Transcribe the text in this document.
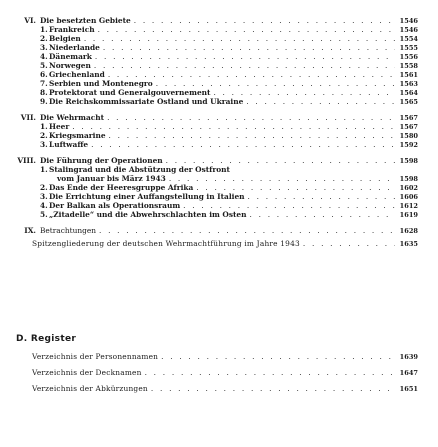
VI. Die besetzten Gebiete . . .	1546
1. Frankreich . . .	1546
2. Belgien . . .	1554
3. Niederlande . . .	1555
4. Dänemark . . .	1556
5. Norwegen . . .	1558
6. Griechenland . . .	1561
7. Serbien und Montenegro . . .	1563
8. Protektorat und Generalgouvernement . . .	1564
9. Die Reichskommissariate Ostland und Ukraine . . .	1565
VII. Die Wehrmacht . . .	1567
1. Heer . . .	1567
2. Kriegsmarine . . .	1580
3. Luftwaffe . . .	1592
VIII. Die Führung der Operationen . . .	1598
1. Stalingrad und die Abstützung der Ostfront
vom Januar bis März 1943 . . .	1598
2. Das Ende der Heeresgruppe Afrika . . .	1602
3. Die Errichtung einer Auffangstellung in Italien . . .	1606
4. Der Balkan als Operationsraum . . .	1612
5. „Zitadelle“ und die Abwehrschlachten im Osten . . .	1619
IX. Betrachtungen . . .	1628
Spitzengliederung der deutschen Wehrmachtführung im Jahre 1943 . . .	1635
D. Register
Verzeichnis der Personennamen . . .	1639
Verzeichnis der Decknamen . . .	1647
Verzeichnis der Abkürzungen . . .	1651
